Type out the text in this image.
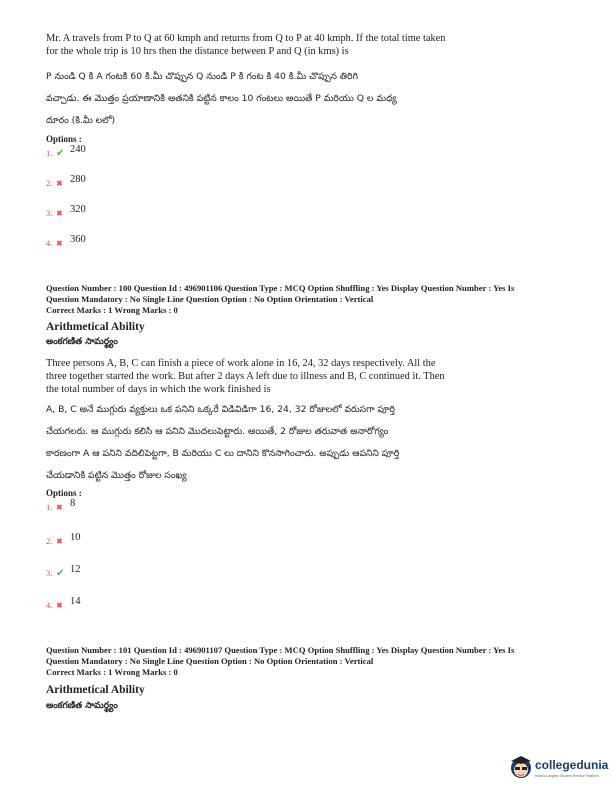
Mr. A travels from P to Q at 60 kmph and returns from Q to P at 40 kmph. If the total time taken for the whole trip is 10 hrs then the distance between P and Q (in kms) is
P నుండి Q కి A గంటకి 60 కి.మీ చొప్పున Q నుండి P కి గంట కి 40 కి.మీ చొప్పున తిరిగి
వచ్చాడు. ఈ మొత్తం ప్రయాణానికి అతనికి పట్టిన కాలం 10 గంటలు అయితే P మరియు Q ల మధ్య
దూరం (కి.మీ లలో)
Options :
1. ✔ 240
2. ✖ 280
3. ✖ 320
4. ✖ 360
Question Number : 100 Question Id : 496901106 Question Type : MCQ Option Shuffling : Yes Display Question Number : Yes Is
Question Mandatory : No Single Line Question Option : No Option Orientation : Vertical
Correct Marks : 1 Wrong Marks : 0
Arithmetical Ability
అంకగణిత సామర్థ్యం
Three persons A, B, C can finish a piece of work alone in 16, 24, 32 days respectively. All the three together started the work. But after 2 days A left due to illness and B, C continued it. Then the total number of days in which the work finished is
A, B, C అనే ముగ్గురు వ్యక్తులు ఒక పనిని ఒక్కరే విడివిడిగా 16, 24, 32 రోజులలో వరుసగా పూర్తి
చేయగలరు. ఆ ముగ్గురు కలిసి ఆ పనిని మొదలుపెట్టారు. అయితే, 2 రోజుల తరువాత అనారోగ్యం
కారణంగా A ఆ పనిని వదిలిపెట్టగా, B మరియు C లు దానిని కొనసాగించారు. అప్పుడు ఆపనిని పూర్తి
చేయడానికి పట్టిన మొత్తం రోజుల సంఖ్య
Options :
1. ✖ 8
2. ✖ 10
3. ✔ 12
4. ✖ 14
Question Number : 101 Question Id : 496901107 Question Type : MCQ Option Shuffling : Yes Display Question Number : Yes Is
Question Mandatory : No Single Line Question Option : No Option Orientation : Vertical
Correct Marks : 1 Wrong Marks : 0
Arithmetical Ability
అంకగణిత సామర్థ్యం
collegedunia
India's Largest Student Review Platform
